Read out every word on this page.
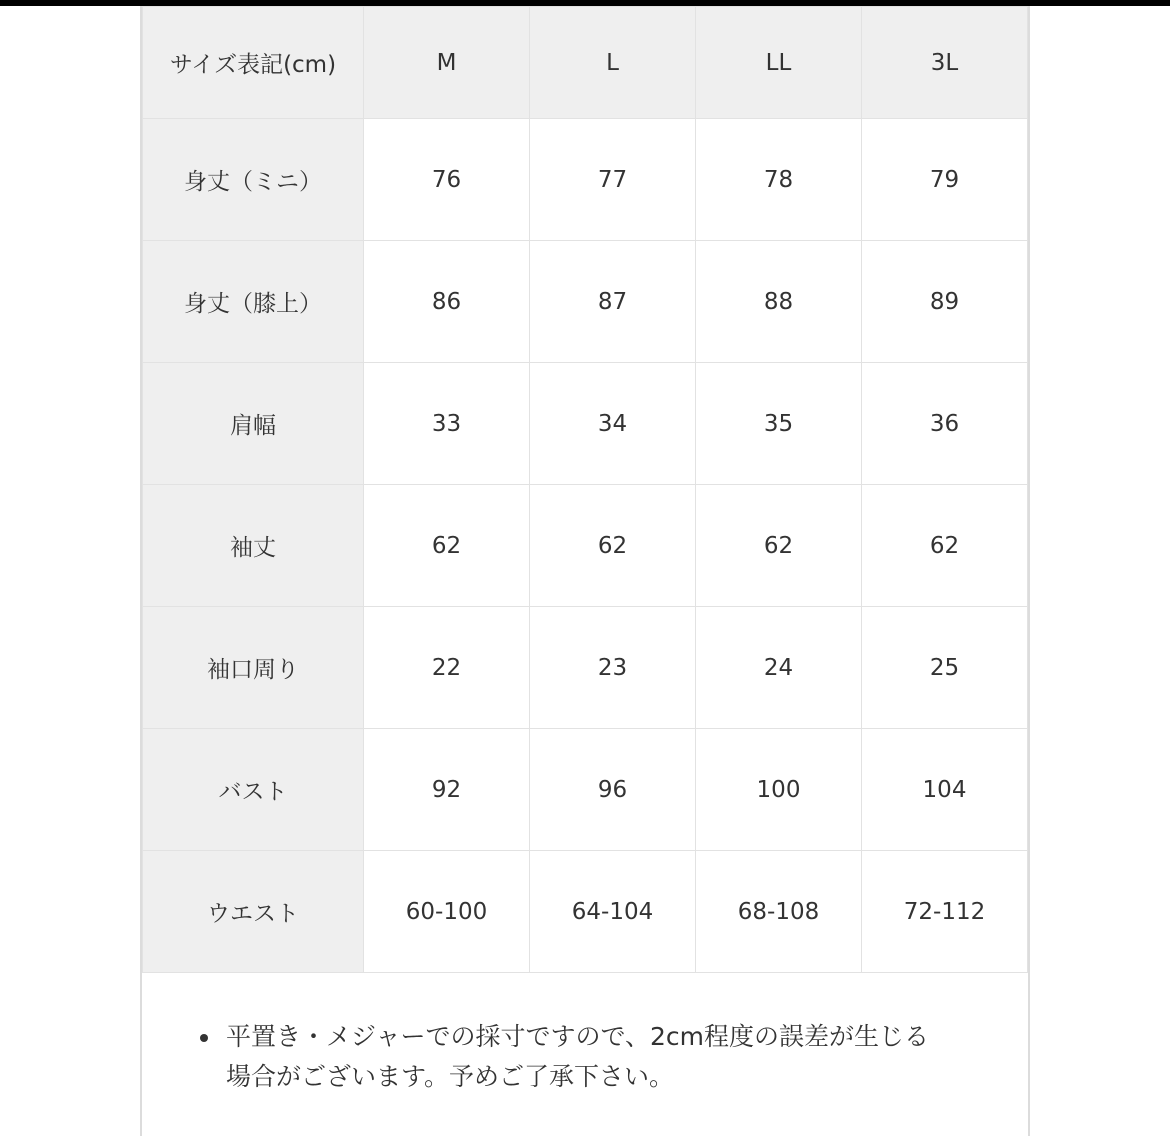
サイズ表記(cm)	M	L	LL	3L
身丈（ミニ）	76	77	78	79
身丈（膝上）	86	87	88	89
肩幅	33	34	35	36
袖丈	62	62	62	62
袖口周り	22	23	24	25
バスト	92	96	100	104
ウエスト	60-100	64-104	68-108	72-112
平置き・メジャーでの採寸ですので、2cm程度の誤差が生じる
場合がございます。予めご了承下さい。
